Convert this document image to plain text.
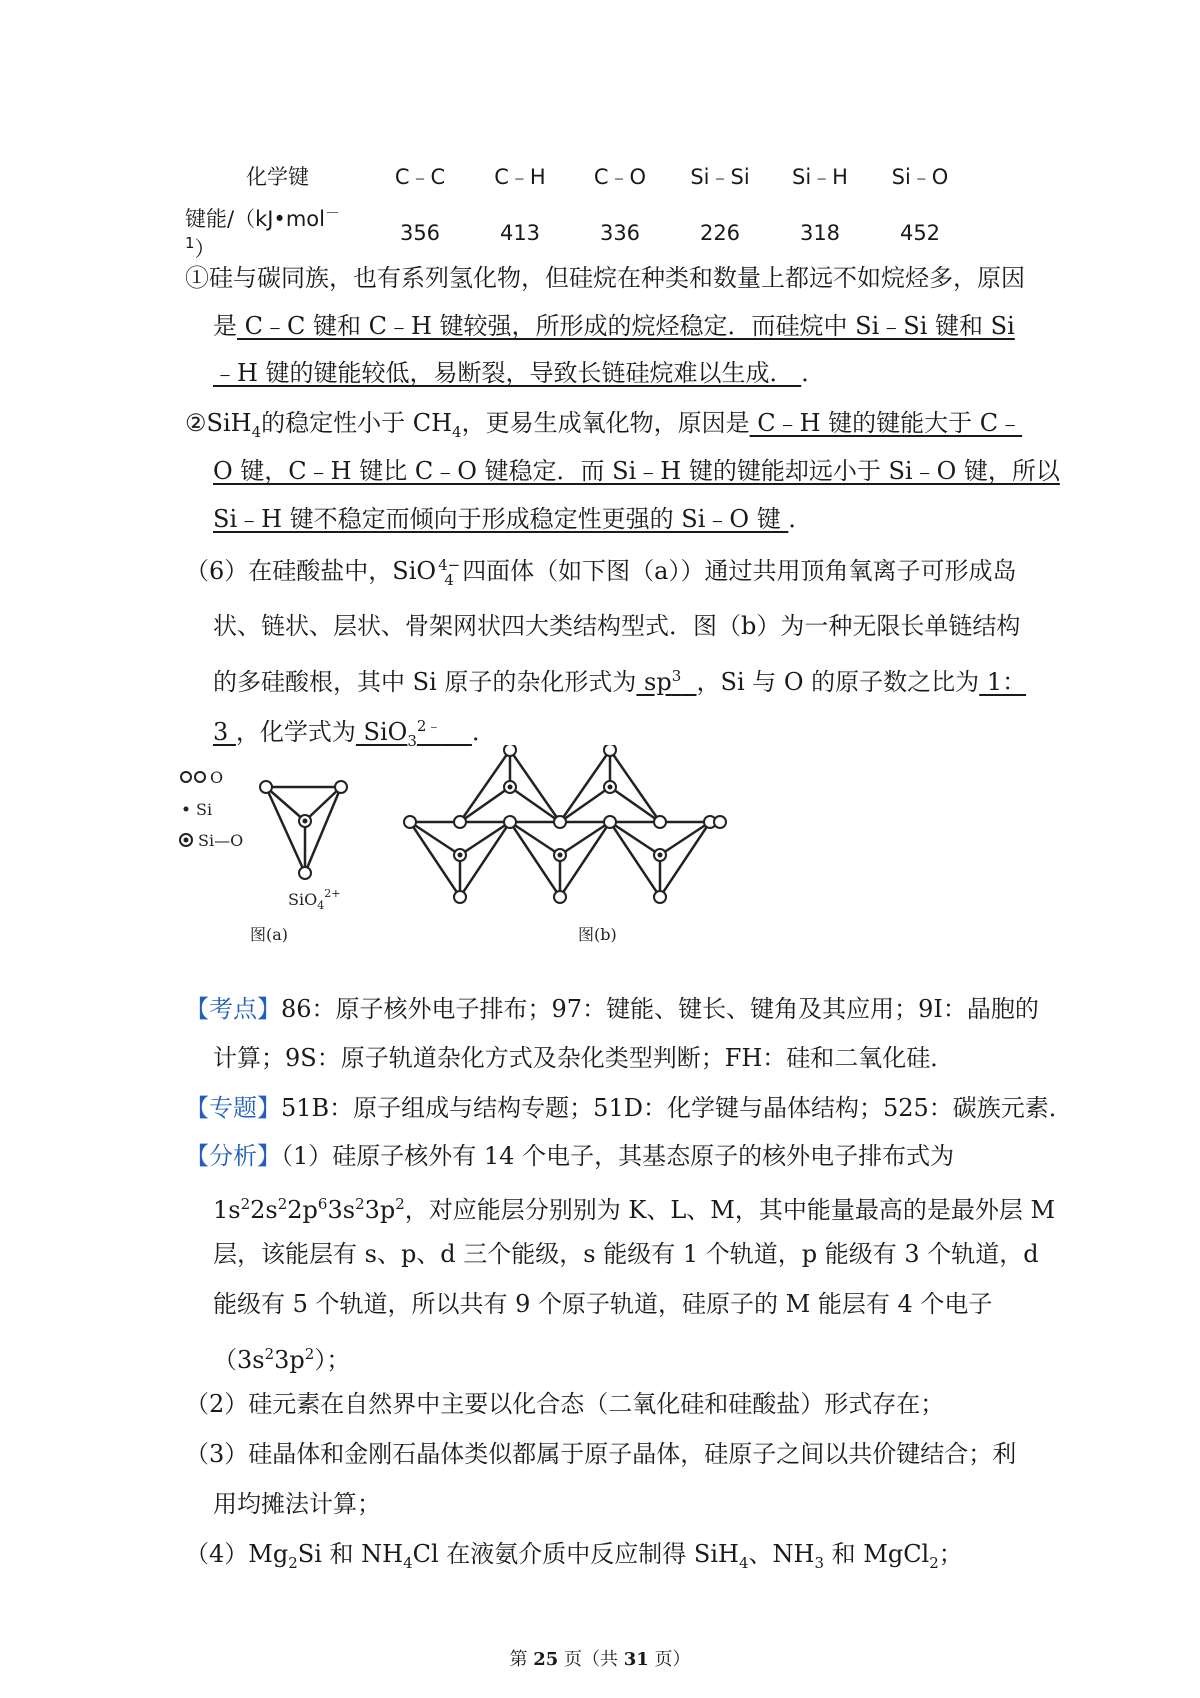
化学键	C﹣C	C﹣H	C﹣O	Si﹣Si	Si﹣H	Si﹣O
键能/（kJ•mol$^{-1}$）	356	413	336	226	318	452
①硅与碳同族，也有系列氢化物，但硅烷在种类和数量上都远不如烷烃多，原因
是 C﹣C 键和 C﹣H 键较强，所形成的烷烃稳定．而硅烷中 Si﹣Si 键和 Si
﹣H 键的键能较低，易断裂，导致长链硅烷难以生成． ．
②SiH$_4$的稳定性小于 $CH_4$，更易生成氧化物，原因是 C﹣H 键的键能大于 C﹣
O 键，C﹣H 键比 C﹣O 键稳定．而 Si﹣H 键的键能却远小于 Si﹣O 键，所以
Si﹣H 键不稳定而倾向于形成稳定性更强的 Si﹣O 键 ．
（6）在硅酸盐中，SiO 4−
4 四面体（如下图（a））通过共用顶角氧离子可形成岛
状、链状、层状、骨架网状四大类结构型式．图（b）为一种无限长单链结构
的多硅酸根，其中 Si 原子的杂化形式为 $sp^3$ ，Si 与 O 的原子数之比为 1：
3 ，化学式为 SiO$_3^{2﹣}$ ．
O
Si
Si—O
SiO$_4^{2+}$
图(a)	图(b)
【考点】86：原子核外电子排布；97：键能、键长、键角及其应用；9I：晶胞的
计算；9S：原子轨道杂化方式及杂化类型判断；FH：硅和二氧化硅．
【专题】51B：原子组成与结构专题；51D：化学键与晶体结构；525：碳族元素．
【分析】（1）硅原子核外有 14 个电子，其基态原子的核外电子排布式为
$1s^22s^22p^63s^23p^2$，对应能层分别别为 K、L、M，其中能量最高的是最外层 M
层，该能层有 s、p、d 三个能级，s 能级有 1 个轨道，p 能级有 3 个轨道，d
能级有 5 个轨道，所以共有 9 个原子轨道，硅原子的 M 能层有 4 个电子
$(3s^23p^2)$；
（2）硅元素在自然界中主要以化合态（二氧化硅和硅酸盐）形式存在；
（3）硅晶体和金刚石晶体类似都属于原子晶体，硅原子之间以共价键结合；利
用均摊法计算；
$(4)Mg_2Si$ 和 $NH_4Cl$ 在液氨介质中反应制得 SiH$_4$、$NH_3$ 和 MgCl$_2$；
第 25 页（共 31 页）
